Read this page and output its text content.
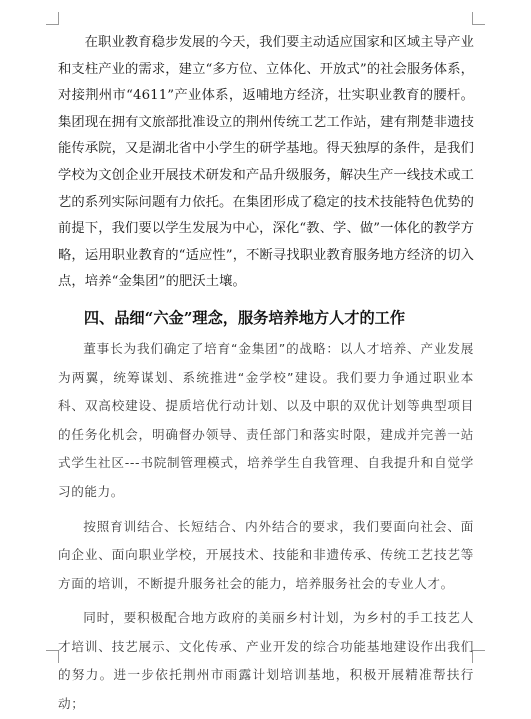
在职业教育稳步发展的今天，我们要主动适应国家和区域主导产业和支柱产业的需求，建立“多方位、立体化、开放式”的社会服务体系，对接荆州市“4611”产业体系，返哺地方经济，壮实职业教育的腰杆。集团现在拥有文旅部批准设立的荆州传统工艺工作站，建有荆楚非遗技能传承院，又是湖北省中小学生的研学基地。得天独厚的条件，是我们学校为文创企业开展技术研发和产品升级服务，解决生产一线技术或工艺的系列实际问题有力依托。在集团形成了稳定的技术技能特色优势的前提下，我们要以学生发展为中心，深化“教、学、做”一体化的教学方略，运用职业教育的“适应性”，不断寻找职业教育服务地方经济的切入点，培养“金集团”的肥沃土壤。

四、品细“六金”理念，服务培养地方人才的工作

董事长为我们确定了培育“金集团”的战略：以人才培养、产业发展为两翼，统筹谋划、系统推进“金学校”建设。我们要力争通过职业本科、双高校建设、提质培优行动计划、以及中职的双优计划等典型项目的任务化机会，明确督办领导、责任部门和落实时限，建成并完善一站式学生社区---书院制管理模式，培养学生自我管理、自我提升和自觉学习的能力。

按照育训结合、长短结合、内外结合的要求，我们要面向社会、面向企业、面向职业学校，开展技术、技能和非遗传承、传统工艺技艺等方面的培训，不断提升服务社会的能力，培养服务社会的专业人才。

同时，要积极配合地方政府的美丽乡村计划，为乡村的手工技艺人才培训、技艺展示、文化传承、产业开发的综合功能基地建设作出我们的努力。进一步依托荆州市雨露计划培训基地，积极开展精准帮扶行动；
